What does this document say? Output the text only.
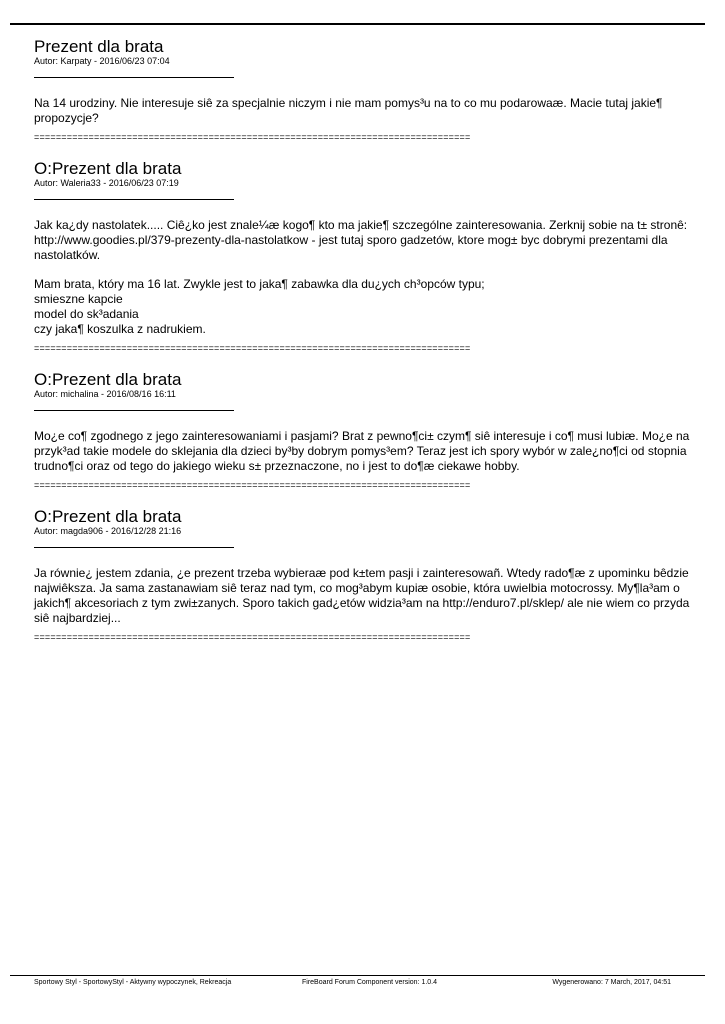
Prezent dla brata
Autor: Karpaty - 2016/06/23 07:04

Na 14 urodziny. Nie interesuje siê za specjalnie niczym i nie mam pomys³u na to co mu podarowaæ. Macie tutaj jakie¶ propozycje?

================================================================================
O:Prezent dla brata
Autor: Waleria33 - 2016/06/23 07:19

Jak ka¿dy nastolatek..... Ciê¿ko jest znale¼æ kogo¶ kto ma jakie¶ szczególne zainteresowania. Zerknij sobie na t± stronê: http://www.goodies.pl/379-prezenty-dla-nastolatkow - jest tutaj sporo gadzetów, ktore mog± byc dobrymi prezentami dla nastolatków.

Mam brata, który ma 16 lat. Zwykle jest to jaka¶ zabawka dla du¿ych ch³opców typu;
smieszne kapcie
model do sk³adania
czy jaka¶ koszulka z nadrukiem.

================================================================================
O:Prezent dla brata
Autor: michalina - 2016/08/16 16:11

Mo¿e co¶ zgodnego z jego zainteresowaniami i pasjami? Brat z pewno¶ci± czym¶ siê interesuje i co¶ musi lubiæ. Mo¿e na przyk³ad takie modele do sklejania dla dzieci by³by dobrym pomys³em? Teraz jest ich spory wybór w zale¿no¶ci od stopnia trudno¶ci oraz od tego do jakiego wieku s± przeznaczone, no i jest to do¶æ ciekawe hobby.

================================================================================
O:Prezent dla brata
Autor: magda906 - 2016/12/28 21:16

Ja równie¿ jestem zdania, ¿e prezent trzeba wybieraæ pod k±tem pasji i zainteresowañ. Wtedy rado¶æ z upominku bêdzie najwiêksza. Ja sama zastanawiam siê teraz nad tym, co mog³abym kupiæ osobie, która uwielbia motocrossy. My¶la³am o jakich¶ akcesoriach z tym zwi±zanych. Sporo takich gad¿etów widzia³am na http://enduro7.pl/sklep/ ale nie wiem co przyda siê najbardziej...

================================================================================
Sportowy Styl - SportowyStyl - Aktywny wypoczynek, Rekreacja	FireBoard Forum Component version: 1.0.4	Wygenerowano: 7 March, 2017, 04:51
